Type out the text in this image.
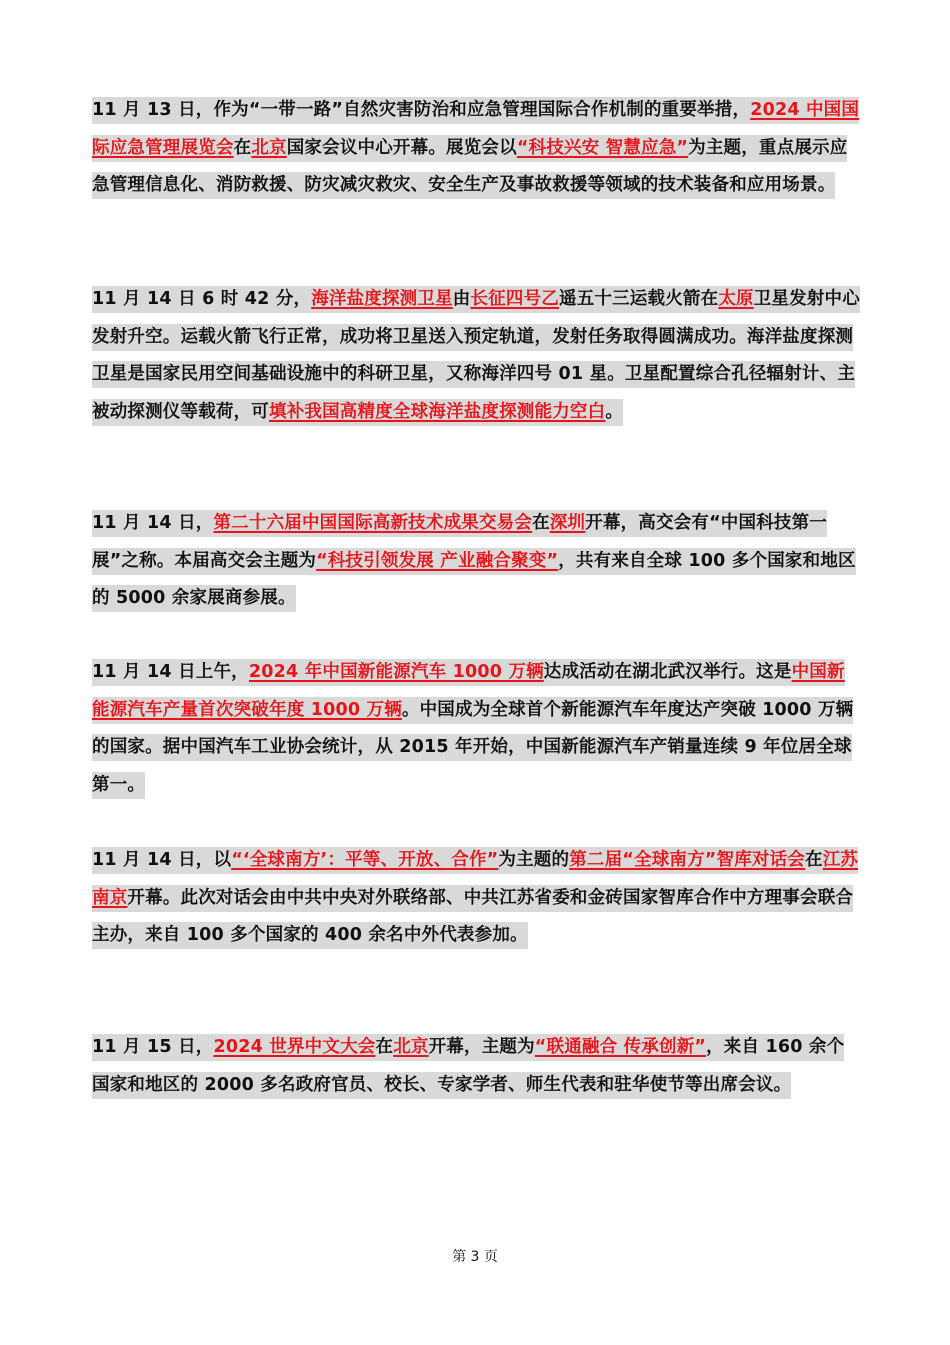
11 月 13 日，作为“一带一路”自然灾害防治和应急管理国际合作机制的重要举措，2024 中国国际应急管理展览会在北京国家会议中心开幕。展览会以“科技兴安 智慧应急”为主题，重点展示应急管理信息化、消防救援、防灾减灾救灾、安全生产及事故救援等领域的技术装备和应用场景。

11 月 14 日 6 时 42 分，海洋盐度探测卫星由长征四号乙遥五十三运载火箭在太原卫星发射中心发射升空。运载火箭飞行正常，成功将卫星送入预定轨道，发射任务取得圆满成功。海洋盐度探测卫星是国家民用空间基础设施中的科研卫星，又称海洋四号 01 星。卫星配置综合孔径辐射计、主被动探测仪等载荷，可填补我国高精度全球海洋盐度探测能力空白。

11 月 14 日，第二十六届中国国际高新技术成果交易会在深圳开幕，高交会有“中国科技第一展”之称。本届高交会主题为“科技引领发展 产业融合聚变”，共有来自全球 100 多个国家和地区的 5000 余家展商参展。

11 月 14 日上午，2024 年中国新能源汽车 1000 万辆达成活动在湖北武汉举行。这是中国新能源汽车产量首次突破年度 1000 万辆。中国成为全球首个新能源汽车年度达产突破 1000 万辆的国家。据中国汽车工业协会统计，从 2015 年开始，中国新能源汽车产销量连续 9 年位居全球第一。

11 月 14 日，以“‘全球南方’：平等、开放、合作”为主题的第二届“全球南方”智库对话会在江苏南京开幕。此次对话会由中共中央对外联络部、中共江苏省委和金砖国家智库合作中方理事会联合主办，来自 100 多个国家的 400 余名中外代表参加。

11 月 15 日，2024 世界中文大会在北京开幕，主题为“联通融合 传承创新”，来自 160 余个国家和地区的 2000 多名政府官员、校长、专家学者、师生代表和驻华使节等出席会议。

第 3 页
